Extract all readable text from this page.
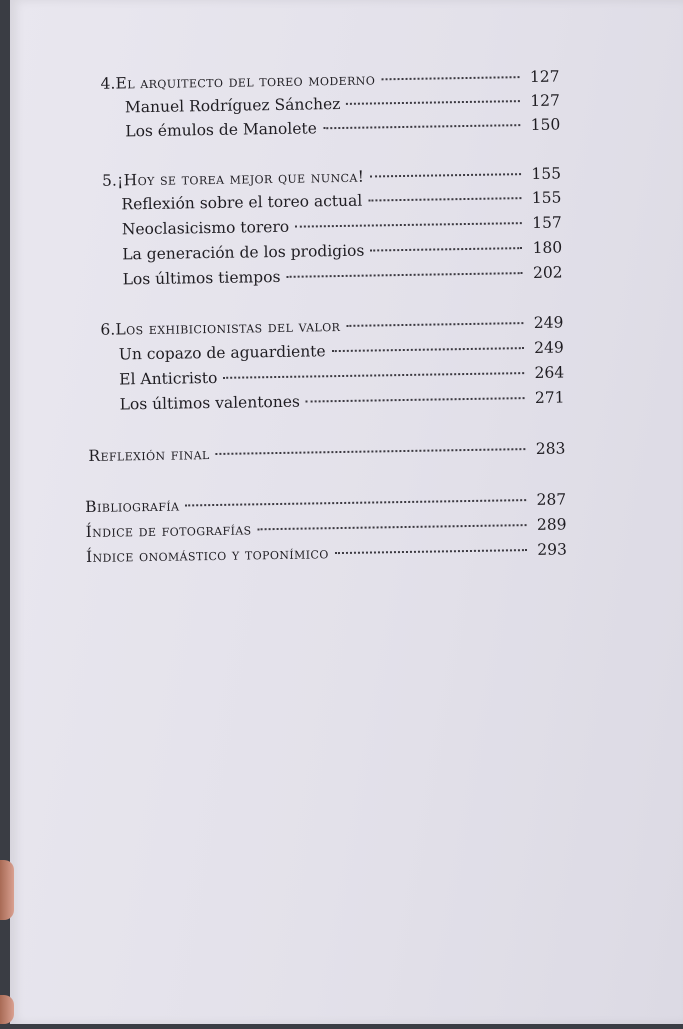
4. El arquitecto del toreo moderno	127
Manuel Rodríguez Sánchez	127
Los émulos de Manolete	150
5. ¡Hoy se torea mejor que nunca!	155
Reflexión sobre el toreo actual	155
Neoclasicismo torero	157
La generación de los prodigios	180
Los últimos tiempos	202
6. Los exhibicionistas del valor	249
Un copazo de aguardiente	249
El Anticristo	264
Los últimos valentones	271
Reflexión final	283
Bibliografía	287
Índice de fotografías	289
Índice onomástico y toponímico	293
